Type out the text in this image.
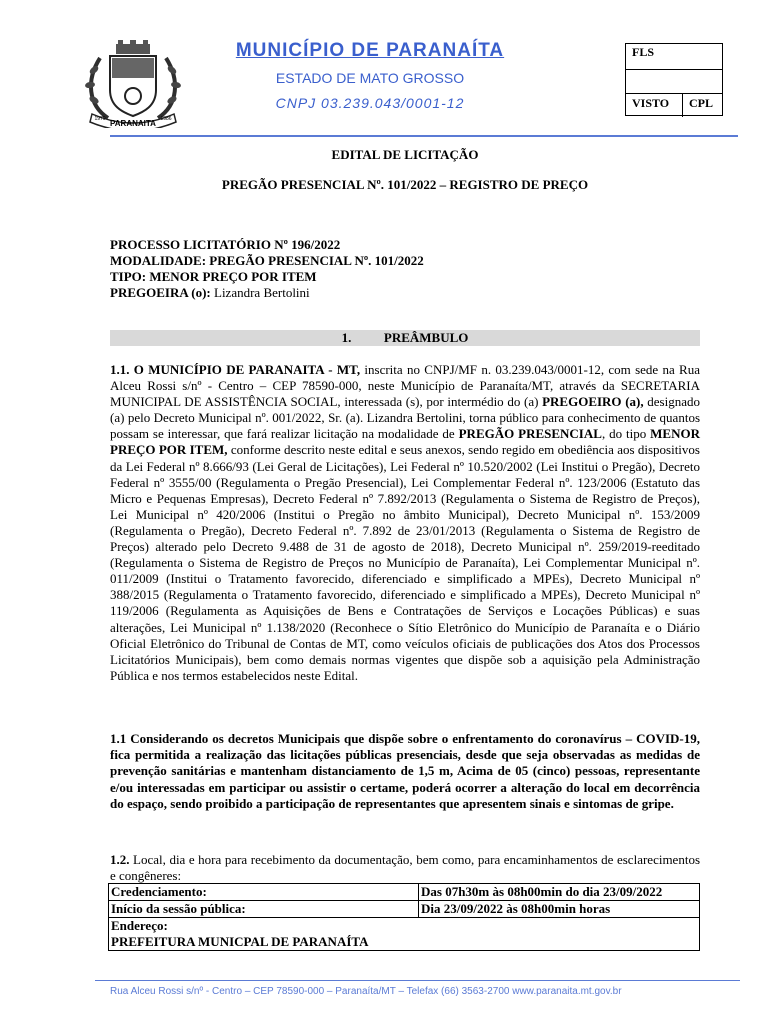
PARANAITA
1979	1986
MUNICÍPIO DE PARANAÍTA
ESTADO DE MATO GROSSO
CNPJ 03.239.043/0001-12
FLS
VISTO	CPL
EDITAL DE LICITAÇÃO
PREGÃO PRESENCIAL Nº. 101/2022 – REGISTRO DE PREÇO
PROCESSO LICITATÓRIO Nº 196/2022
MODALIDADE: PREGÃO PRESENCIAL Nº. 101/2022
TIPO: MENOR PREÇO POR ITEM
PREGOEIRA (o): Lizandra Bertolini
1.	PREÂMBULO
1.1. O MUNICÍPIO DE PARANAITA - MT, inscrita no CNPJ/MF n. 03.239.043/0001-12, com sede na Rua Alceu Rossi s/nº - Centro – CEP 78590-000, neste Município de Paranaíta/MT, através da SECRETARIA MUNICIPAL DE ASSISTÊNCIA SOCIAL, interessada (s), por intermédio do (a) PREGOEIRO (a), designado (a) pelo Decreto Municipal nº. 001/2022, Sr. (a). Lizandra Bertolini, torna público para conhecimento de quantos possam se interessar, que fará realizar licitação na modalidade de PREGÃO PRESENCIAL, do tipo MENOR PREÇO POR ITEM, conforme descrito neste edital e seus anexos, sendo regido em obediência aos dispositivos da Lei Federal nº 8.666/93 (Lei Geral de Licitações), Lei Federal nº 10.520/2002 (Lei Institui o Pregão), Decreto Federal nº 3555/00 (Regulamenta o Pregão Presencial), Lei Complementar Federal nº. 123/2006 (Estatuto das Micro e Pequenas Empresas), Decreto Federal nº 7.892/2013 (Regulamenta o Sistema de Registro de Preços), Lei Municipal nº 420/2006 (Institui o Pregão no âmbito Municipal), Decreto Municipal nº. 153/2009 (Regulamenta o Pregão), Decreto Federal nº. 7.892 de 23/01/2013 (Regulamenta o Sistema de Registro de Preços) alterado pelo Decreto 9.488 de 31 de agosto de 2018), Decreto Municipal nº. 259/2019-reeditado (Regulamenta o Sistema de Registro de Preços no Município de Paranaíta), Lei Complementar Municipal nº. 011/2009 (Institui o Tratamento favorecido, diferenciado e simplificado a MPEs), Decreto Municipal nº 388/2015 (Regulamenta o Tratamento favorecido, diferenciado e simplificado a MPEs), Decreto Municipal nº 119/2006 (Regulamenta as Aquisições de Bens e Contratações de Serviços e Locações Públicas) e suas alterações, Lei Municipal nº 1.138/2020 (Reconhece o Sítio Eletrônico do Município de Paranaíta e o Diário Oficial Eletrônico do Tribunal de Contas de MT, como veículos oficiais de publicações dos Atos dos Processos Licitatórios Municipais), bem como demais normas vigentes que dispõe sob a aquisição pela Administração Pública e nos termos estabelecidos neste Edital.
1.1 Considerando os decretos Municipais que dispõe sobre o enfrentamento do coronavírus – COVID-19, fica permitida a realização das licitações públicas presenciais, desde que seja observadas as medidas de prevenção sanitárias e mantenham distanciamento de 1,5 m, Acima de 05 (cinco) pessoas, representante e/ou interessadas em participar ou assistir o certame, poderá ocorrer a alteração do local em decorrência do espaço, sendo proibido a participação de representantes que apresentem sinais e sintomas de gripe.
1.2. Local, dia e hora para recebimento da documentação, bem como, para encaminhamentos de esclarecimentos e congêneres:
Credenciamento:	Das 07h30m às 08h00min do dia 23/09/2022
Início da sessão pública:	Dia 23/09/2022 às 08h00min horas

Endereço:
PREFEITURA MUNICPAL DE PARANAÍTA	
Rua Alceu Rossi s/nº - Centro – CEP 78590-000 – Paranaíta/MT – Telefax (66) 3563-2700 www.paranaita.mt.gov.br
